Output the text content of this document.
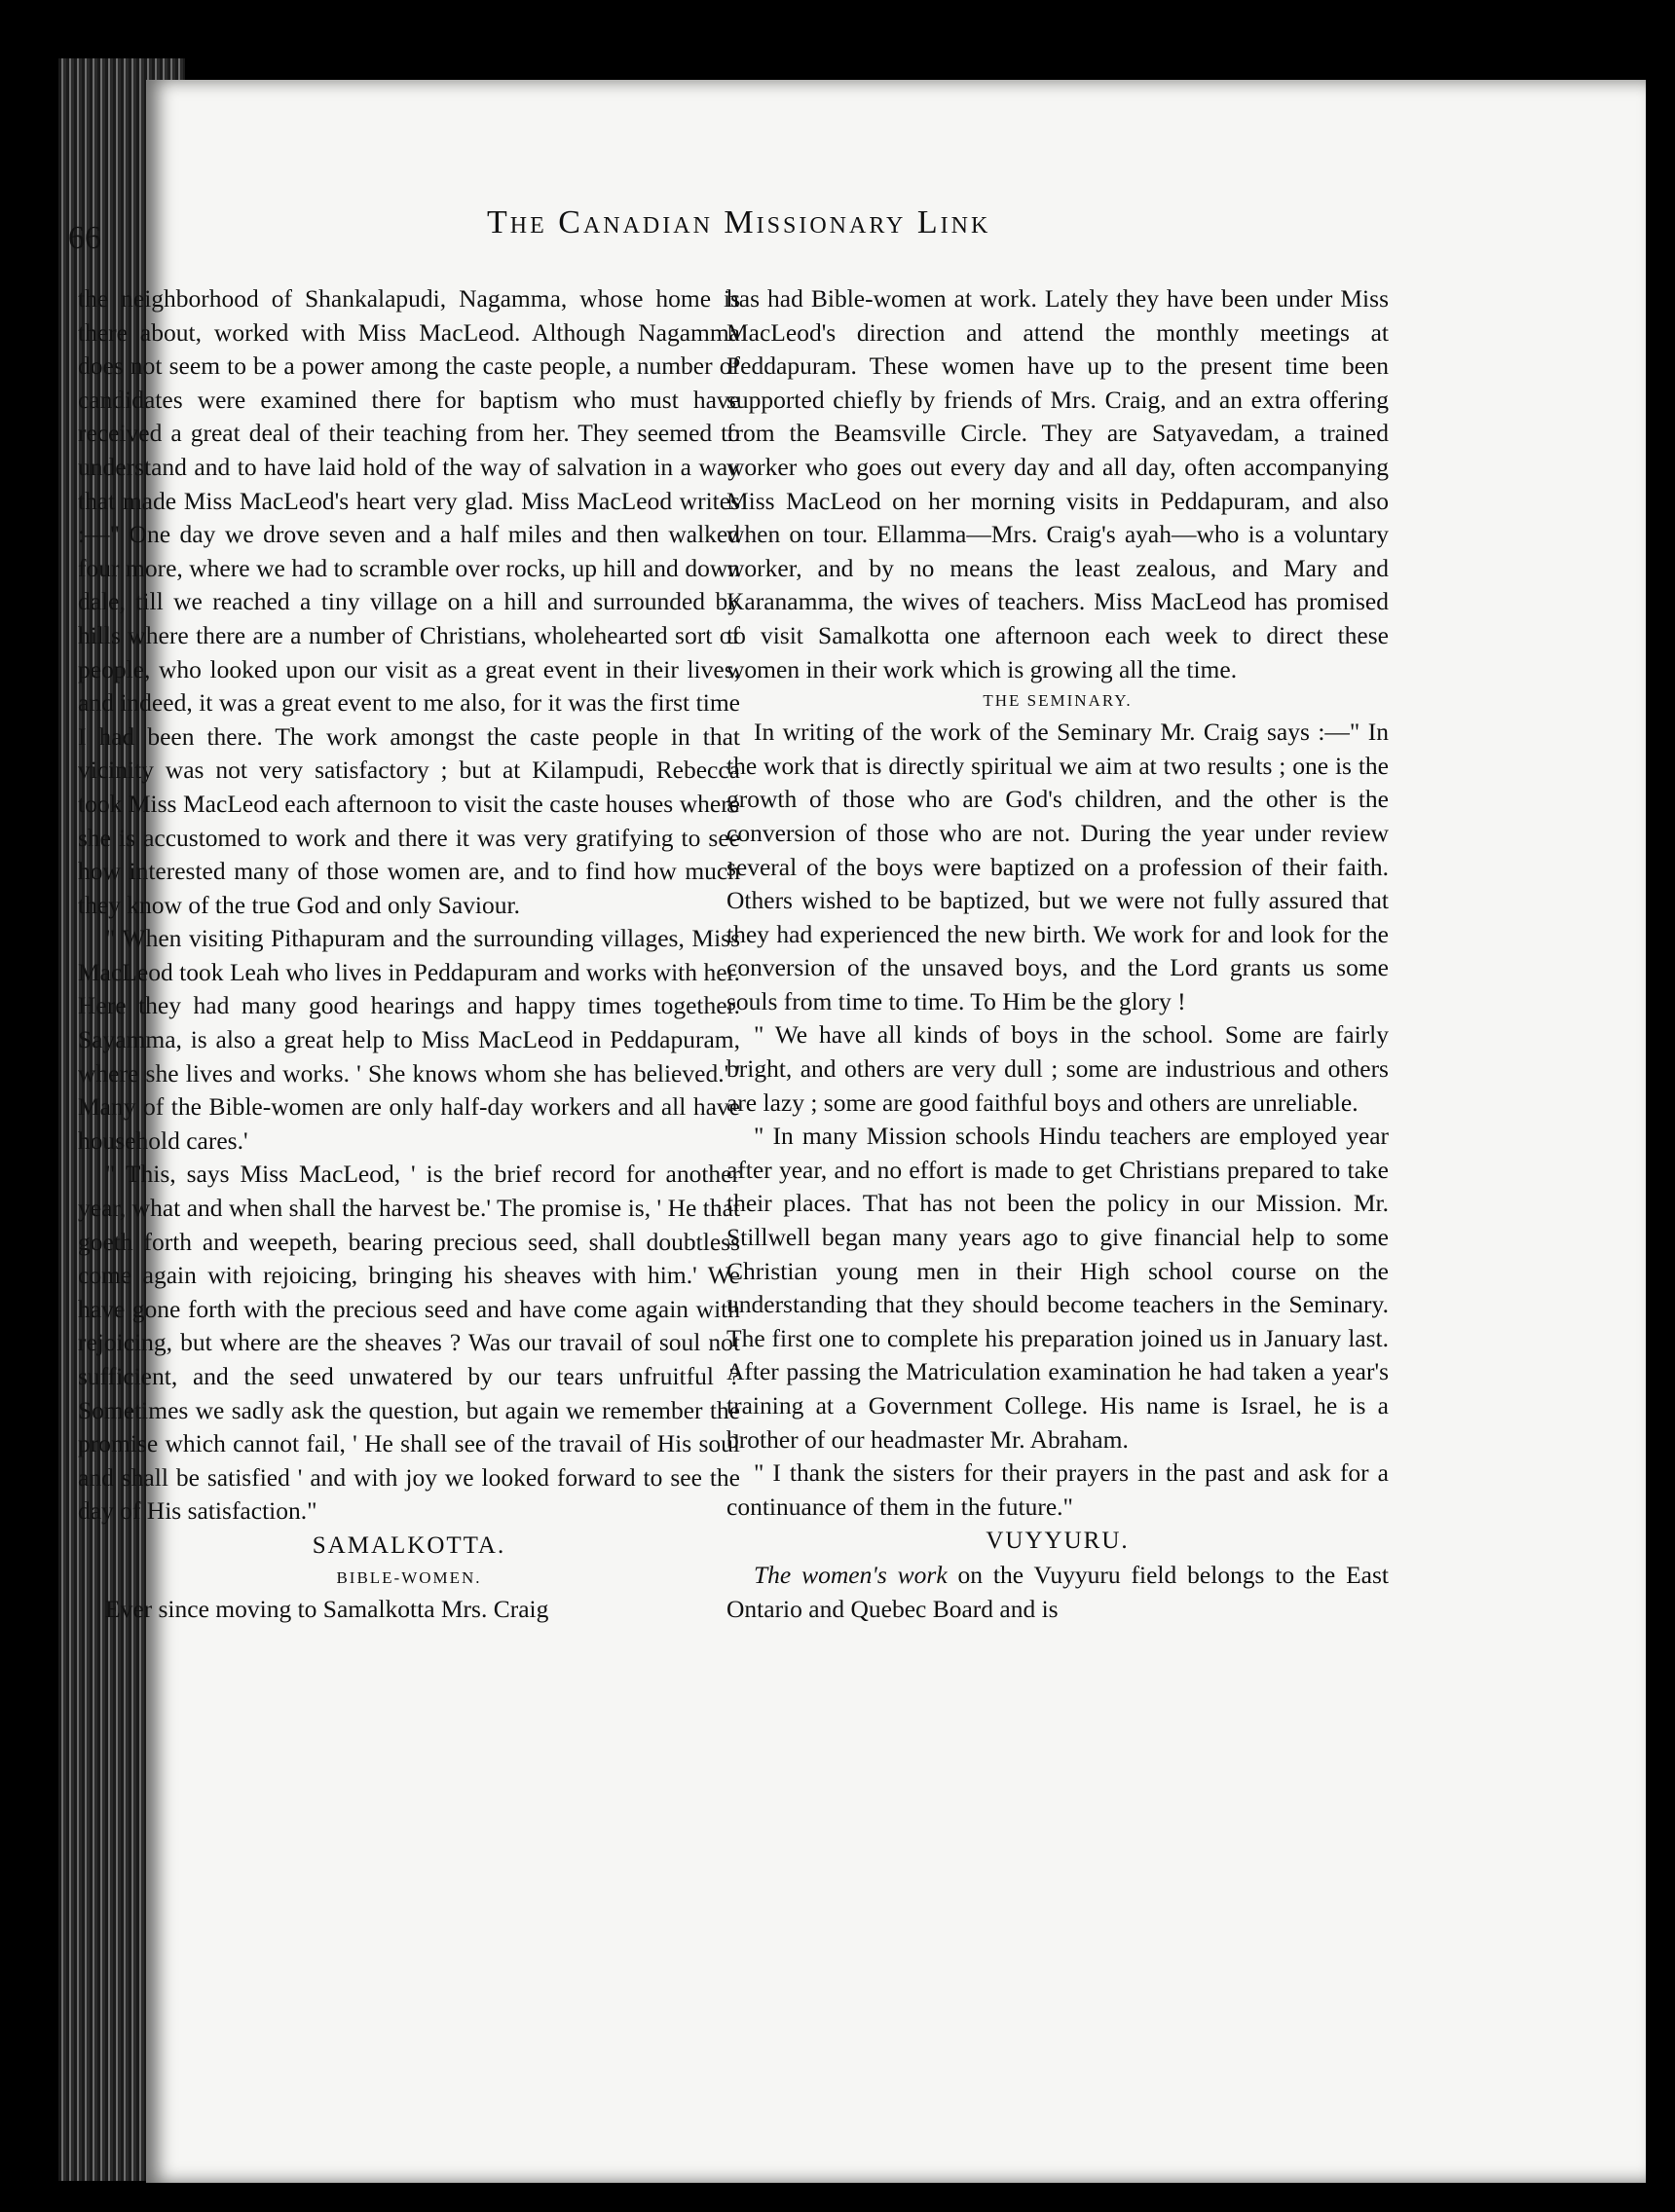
66	The Canadian Missionary Link

the neighborhood of Shankalapudi, Nagamma, whose home is there about, worked with Miss MacLeod. Although Nagamma does not seem to be a power among the caste people, a number of candidates were examined there for baptism who must have received a great deal of their teaching from her. They seemed to understand and to have laid hold of the way of salvation in a way that made Miss MacLeod's heart very glad. Miss MacLeod writes :—" One day we drove seven and a half miles and then walked four more, where we had to scramble over rocks, up hill and down dale, till we reached a tiny village on a hill and surrounded by hills where there are a number of Christians, wholehearted sort of people, who looked upon our visit as a great event in their lives, and indeed, it was a great event to me also, for it was the first time I had been there. The work amongst the caste people in that vicinity was not very satisfactory ; but at Kilampudi, Rebecca took Miss MacLeod each afternoon to visit the caste houses where she is accustomed to work and there it was very gratifying to see how interested many of those women are, and to find how much they know of the true God and only Saviour.

" When visiting Pithapuram and the surrounding villages, Miss MacLeod took Leah who lives in Peddapuram and works with her. Here they had many good hearings and happy times together. Sayamma, is also a great help to Miss MacLeod in Peddapuram, where she lives and works. ' She knows whom she has believed.' ' Many of the Bible-women are only half-day workers and all have household cares.'

" This, says Miss MacLeod, ' is the brief record for another year, what and when shall the harvest be.' The promise is, ' He that goeth forth and weepeth, bearing precious seed, shall doubtless come again with rejoicing, bringing his sheaves with him.' We have gone forth with the precious seed and have come again with rejoicing, but where are the sheaves ? Was our travail of soul not sufficient, and the seed unwatered by our tears unfruitful ? Sometimes we sadly ask the question, but again we remember the promise which cannot fail, ' He shall see of the travail of His soul and shall be satisfied ' and with joy we looked forward to see the day of His satisfaction."

SAMALKOTTA.
BIBLE-WOMEN.

Ever since moving to Samalkotta Mrs. Craig

has had Bible-women at work. Lately they have been under Miss MacLeod's direction and attend the monthly meetings at Peddapuram. These women have up to the present time been supported chiefly by friends of Mrs. Craig, and an extra offering from the Beamsville Circle. They are Satyavedam, a trained worker who goes out every day and all day, often accompanying Miss MacLeod on her morning visits in Peddapuram, and also when on tour. Ellamma—Mrs. Craig's ayah—who is a voluntary worker, and by no means the least zealous, and Mary and Karanamma, the wives of teachers. Miss MacLeod has promised to visit Samalkotta one afternoon each week to direct these women in their work which is growing all the time.

THE SEMINARY.

In writing of the work of the Seminary Mr. Craig says :—" In the work that is directly spiritual we aim at two results ; one is the growth of those who are God's children, and the other is the conversion of those who are not. During the year under review several of the boys were baptized on a profession of their faith. Others wished to be baptized, but we were not fully assured that they had experienced the new birth. We work for and look for the conversion of the unsaved boys, and the Lord grants us some souls from time to time. To Him be the glory !

" We have all kinds of boys in the school. Some are fairly bright, and others are very dull ; some are industrious and others are lazy ; some are good faithful boys and others are unreliable.

" In many Mission schools Hindu teachers are employed year after year, and no effort is made to get Christians prepared to take their places. That has not been the policy in our Mission. Mr. Stillwell began many years ago to give financial help to some Christian young men in their High school course on the understanding that they should become teachers in the Seminary. The first one to complete his preparation joined us in January last. After passing the Matriculation examination he had taken a year's training at a Government College. His name is Israel, he is a brother of our headmaster Mr. Abraham.

" I thank the sisters for their prayers in the past and ask for a continuance of them in the future."

VUYYURU.

The women's work on the Vuyyuru field belongs to the East Ontario and Quebec Board and is
